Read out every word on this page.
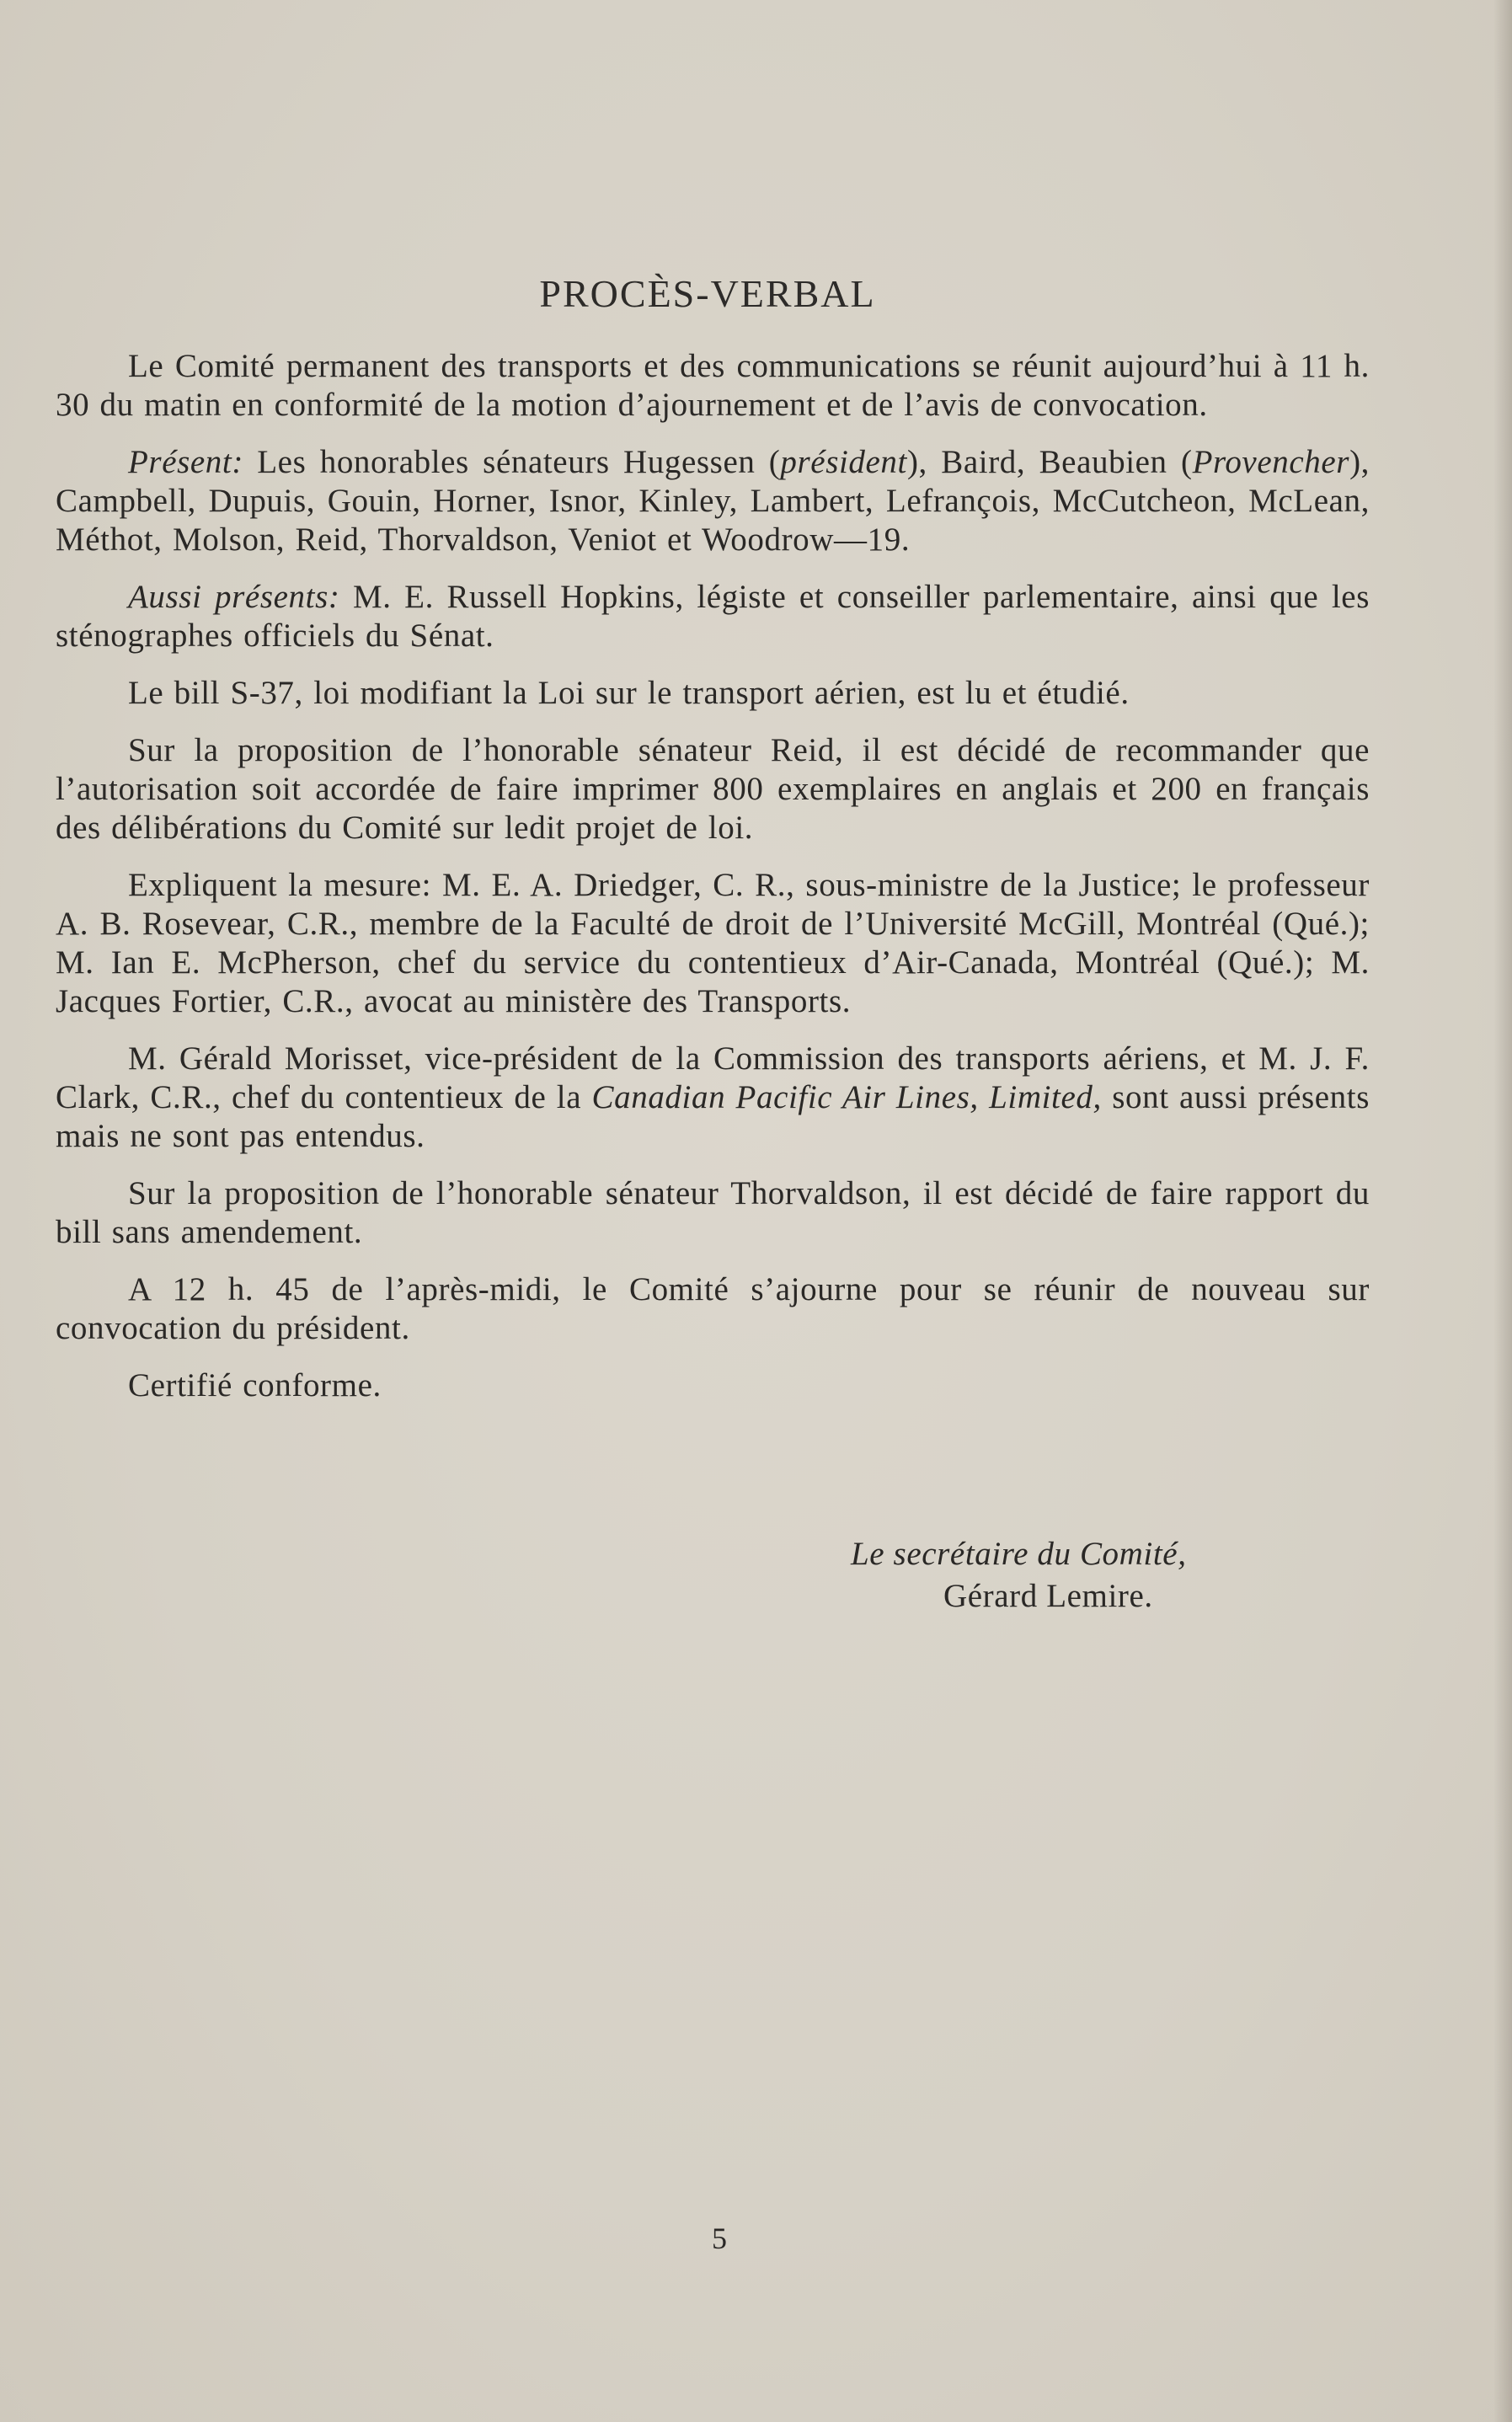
PROCÈS-VERBAL

Le Comité permanent des transports et des communications se réunit aujourd’hui à 11 h. 30 du matin en conformité de la motion d’ajournement et de l’avis de convocation.

Présent: Les honorables sénateurs Hugessen (président), Baird, Beaubien (Provencher), Campbell, Dupuis, Gouin, Horner, Isnor, Kinley, Lambert, Lefrançois, McCutcheon, McLean, Méthot, Molson, Reid, Thorvaldson, Veniot et Woodrow—19.

Aussi présents: M. E. Russell Hopkins, légiste et conseiller parlementaire, ainsi que les sténographes officiels du Sénat.

Le bill S-37, loi modifiant la Loi sur le transport aérien, est lu et étudié.

Sur la proposition de l’honorable sénateur Reid, il est décidé de recommander que l’autorisation soit accordée de faire imprimer 800 exemplaires en anglais et 200 en français des délibérations du Comité sur ledit projet de loi.

Expliquent la mesure: M. E. A. Driedger, C. R., sous-ministre de la Justice; le professeur A. B. Rosevear, C.R., membre de la Faculté de droit de l’Université McGill, Montréal (Qué.); M. Ian E. McPherson, chef du service du contentieux d’Air-Canada, Montréal (Qué.); M. Jacques Fortier, C.R., avocat au ministère des Transports.

M. Gérald Morisset, vice-président de la Commission des transports aériens, et M. J. F. Clark, C.R., chef du contentieux de la Canadian Pacific Air Lines, Limited, sont aussi présents mais ne sont pas entendus.

Sur la proposition de l’honorable sénateur Thorvaldson, il est décidé de faire rapport du bill sans amendement.

A 12 h. 45 de l’après-midi, le Comité s’ajourne pour se réunir de nouveau sur convocation du président.

Certifié conforme.

Le secrétaire du Comité,
Gérard Lemire.
5
